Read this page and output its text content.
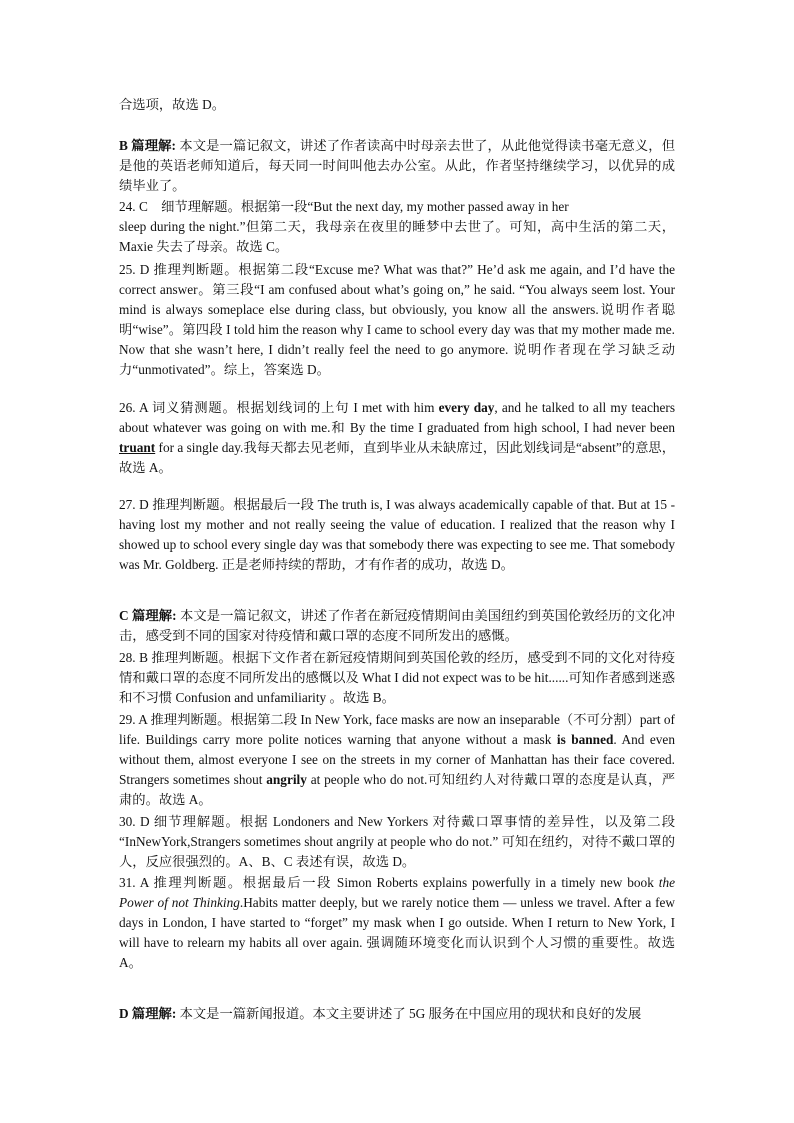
合选项，故选 D。

B 篇理解: 本文是一篇记叙文，讲述了作者读高中时母亲去世了，从此他觉得读书毫无意义，但是他的英语老师知道后，每天同一时间叫他去办公室。从此，作者坚持继续学习，以优异的成绩毕业了。

24. C　细节理解题。根据第一段“But the next day, my mother passed away in her

sleep during the night.”但第二天，我母亲在夜里的睡梦中去世了。可知，高中生活的第二天，Maxie 失去了母亲。故选 C。

25. D 推理判断题。根据第二段“Excuse me? What was that?” He’d ask me again, and I’d have the correct answer。第三段“I am confused about what’s going on,” he said. “You always seem lost. Your mind is always someplace else during class, but obviously, you know all the answers.说明作者聪明“wise”。第四段 I told him the reason why I came to school every day was that my mother made me. Now that she wasn’t here, I didn’t really feel the need to go anymore. 说明作者现在学习缺乏动力“unmotivated”。综上，答案选 D。

26. A 词义猜测题。根据划线词的上句 I met with him every day, and he talked to all my teachers about whatever was going on with me.和 By the time I graduated from high school, I had never been truant for a single day.我每天都去见老师，直到毕业从未缺席过，因此划线词是“absent”的意思，故选 A。

27. D 推理判断题。根据最后一段 The truth is, I was always academically capable of that. But at 15 - having lost my mother and not really seeing the value of education. I realized that the reason why I showed up to school every single day was that somebody there was expecting to see me. That somebody was Mr. Goldberg. 正是老师持续的帮助，才有作者的成功，故选 D。

C 篇理解: 本文是一篇记叙文，讲述了作者在新冠疫情期间由美国纽约到英国伦敦经历的文化冲击，感受到不同的国家对待疫情和戴口罩的态度不同所发出的感慨。

28. B 推理判断题。根据下文作者在新冠疫情期间到英国伦敦的经历，感受到不同的文化对待疫情和戴口罩的态度不同所发出的感慨以及 What I did not expect was to be hit......可知作者感到迷惑和不习惯 Confusion and unfamiliarity 。故选 B。

29. A 推理判断题。根据第二段 In New York, face masks are now an inseparable（不可分割）part of life. Buildings carry more polite notices warning that anyone without a mask is banned. And even without them, almost everyone I see on the streets in my corner of Manhattan has their face covered. Strangers sometimes shout angrily at people who do not.可知纽约人对待戴口罩的态度是认真，严肃的。故选 A。

30. D 细节理解题。根据 Londoners and New Yorkers 对待戴口罩事情的差异性，以及第二段 “InNewYork,Strangers sometimes shout angrily at people who do not.” 可知在纽约，对待不戴口罩的人，反应很强烈的。A、B、C 表述有误，故选 D。

31. A 推理判断题。根据最后一段 Simon Roberts explains powerfully in a timely new book the Power of not Thinking.Habits matter deeply, but we rarely notice them — unless we travel. After a few days in London, I have started to “forget” my mask when I go outside. When I return to New York, I will have to relearn my habits all over again. 强调随环境变化而认识到个人习惯的重要性。故选 A。

D 篇理解: 本文是一篇新闻报道。本文主要讲述了 5G 服务在中国应用的现状和良好的发展
